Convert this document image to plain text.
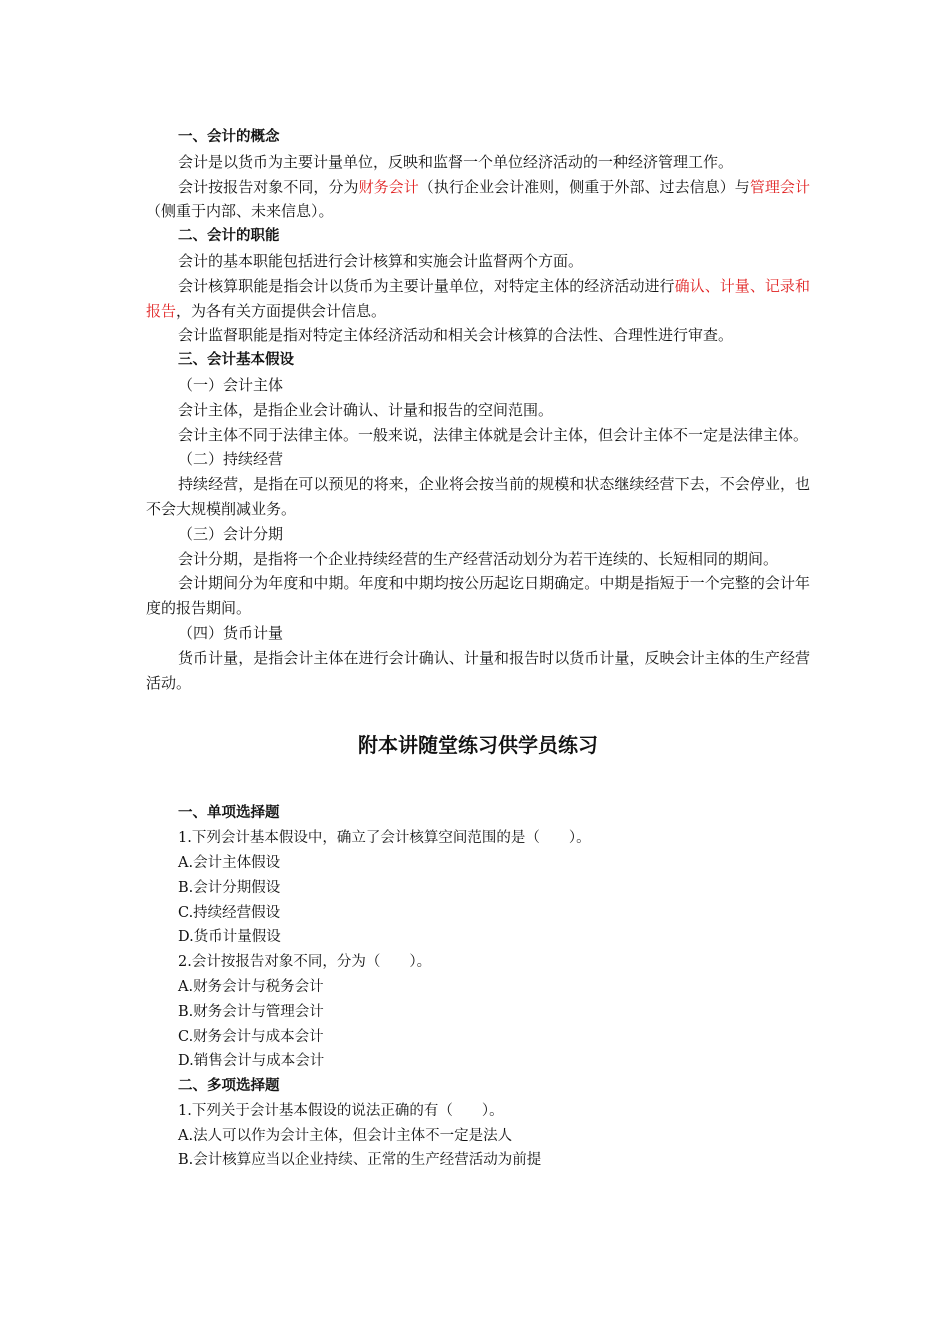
一、会计的概念

会计是以货币为主要计量单位，反映和监督一个单位经济活动的一种经济管理工作。

会计按报告对象不同，分为财务会计（执行企业会计准则，侧重于外部、过去信息）与管理会计（侧重于内部、未来信息）。

二、会计的职能

会计的基本职能包括进行会计核算和实施会计监督两个方面。

会计核算职能是指会计以货币为主要计量单位，对特定主体的经济活动进行确认、计量、记录和报告，为各有关方面提供会计信息。

会计监督职能是指对特定主体经济活动和相关会计核算的合法性、合理性进行审查。

三、会计基本假设

（一）会计主体

会计主体，是指企业会计确认、计量和报告的空间范围。

会计主体不同于法律主体。一般来说，法律主体就是会计主体，但会计主体不一定是法律主体。

（二）持续经营

持续经营，是指在可以预见的将来，企业将会按当前的规模和状态继续经营下去，不会停业，也不会大规模削减业务。

（三）会计分期

会计分期，是指将一个企业持续经营的生产经营活动划分为若干连续的、长短相同的期间。

会计期间分为年度和中期。年度和中期均按公历起讫日期确定。中期是指短于一个完整的会计年度的报告期间。

（四）货币计量

货币计量，是指会计主体在进行会计确认、计量和报告时以货币计量，反映会计主体的生产经营活动。

附本讲随堂练习供学员练习

一、单项选择题

1.下列会计基本假设中，确立了会计核算空间范围的是（　　）。

A.会计主体假设

B.会计分期假设

C.持续经营假设

D.货币计量假设

2.会计按报告对象不同，分为（　　）。

A.财务会计与税务会计

B.财务会计与管理会计

C.财务会计与成本会计

D.销售会计与成本会计

二、多项选择题

1.下列关于会计基本假设的说法正确的有（　　）。

A.法人可以作为会计主体，但会计主体不一定是法人

B.会计核算应当以企业持续、正常的生产经营活动为前提
